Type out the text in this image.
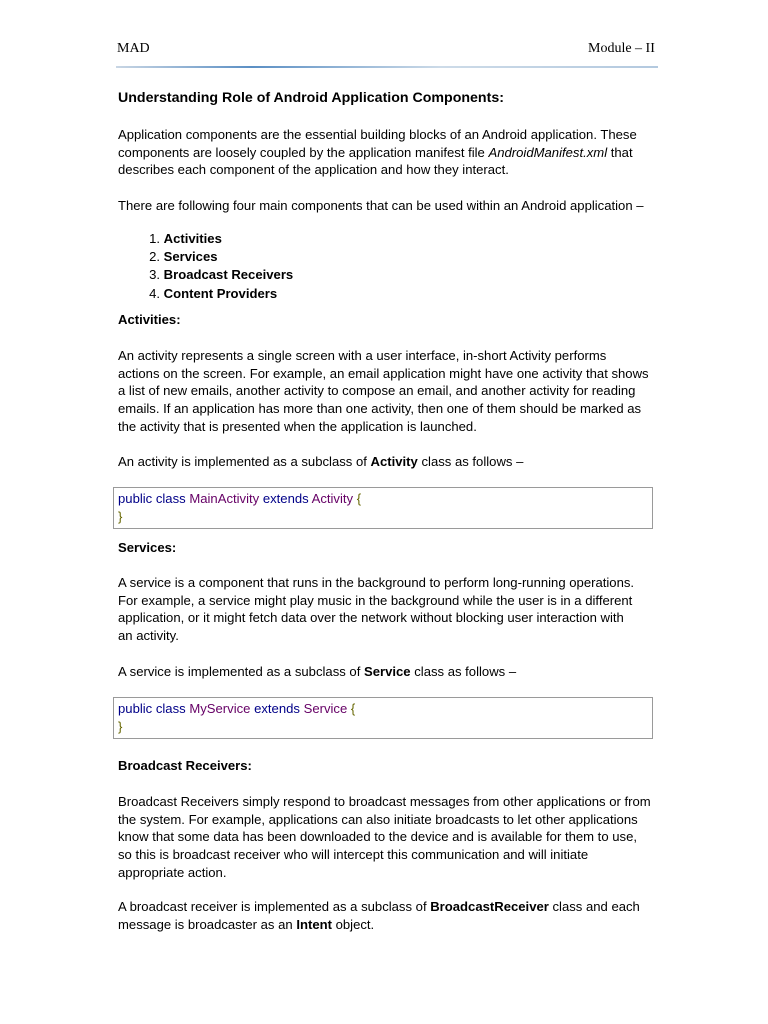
MAD	Module – II
Understanding Role of Android Application Components:
Application components are the essential building blocks of an Android application. These
components are loosely coupled by the application manifest file AndroidManifest.xml that
describes each component of the application and how they interact.
There are following four main components that can be used within an Android application –
1. Activities
2. Services
3. Broadcast Receivers
4. Content Providers
Activities:
An activity represents a single screen with a user interface, in-short Activity performs
actions on the screen. For example, an email application might have one activity that shows
a list of new emails, another activity to compose an email, and another activity for reading
emails. If an application has more than one activity, then one of them should be marked as
the activity that is presented when the application is launched.
An activity is implemented as a subclass of Activity class as follows –
public class MainActivity extends Activity {
}
Services:
A service is a component that runs in the background to perform long-running operations.
For example, a service might play music in the background while the user is in a different
application, or it might fetch data over the network without blocking user interaction with
an activity.
A service is implemented as a subclass of Service class as follows –
public class MyService extends Service {
}
Broadcast Receivers:
Broadcast Receivers simply respond to broadcast messages from other applications or from
the system. For example, applications can also initiate broadcasts to let other applications
know that some data has been downloaded to the device and is available for them to use,
so this is broadcast receiver who will intercept this communication and will initiate
appropriate action.
A broadcast receiver is implemented as a subclass of BroadcastReceiver class and each
message is broadcaster as an Intent object.
